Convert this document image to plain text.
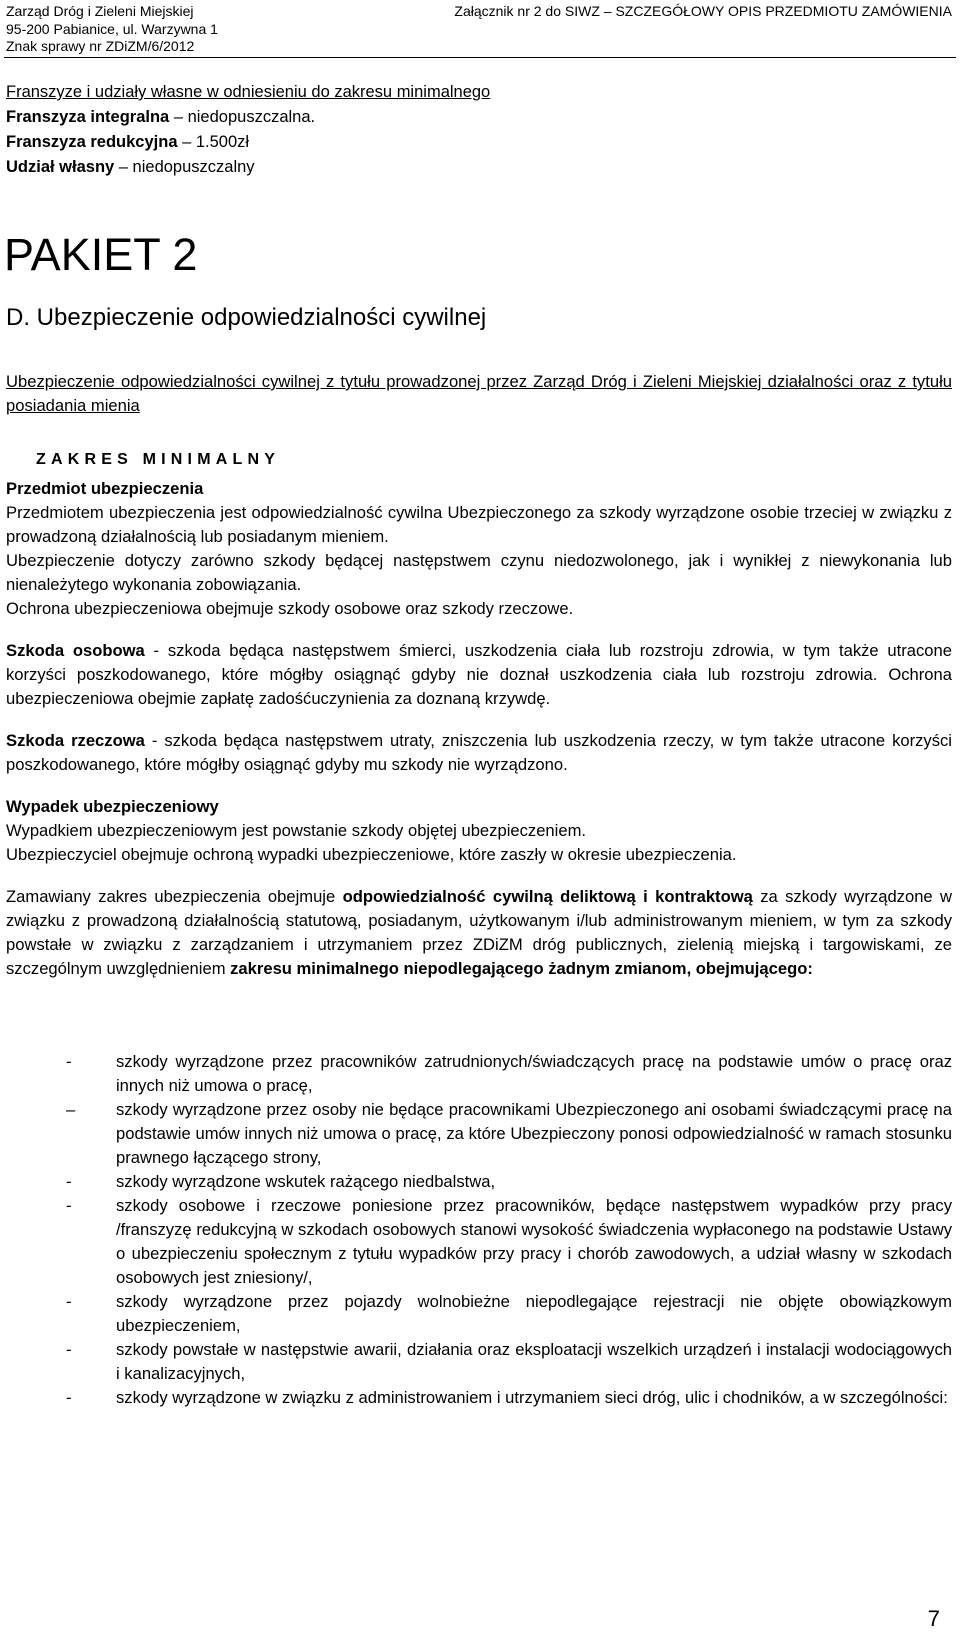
Zarząd Dróg i Zieleni Miejskiej
95-200 Pabianice, ul. Warzywna 1
Znak sprawy nr ZDiZM/6/2012
Załącznik nr 2 do SIWZ – SZCZEGÓŁOWY OPIS PRZEDMIOTU ZAMÓWIENIA
Franszyze i udziały własne w odniesieniu do zakresu minimalnego
Franszyza integralna – niedopuszczalna.
Franszyza redukcyjna – 1.500zł
Udział własny – niedopuszczalny
PAKIET 2
D. Ubezpieczenie odpowiedzialności cywilnej
Ubezpieczenie odpowiedzialności cywilnej z tytułu prowadzonej przez Zarząd Dróg i Zieleni Miejskiej działalności oraz z tytułu posiadania mienia
ZAKRES MINIMALNY

Przedmiot ubezpieczenia

Przedmiotem ubezpieczenia jest odpowiedzialność cywilna Ubezpieczonego za szkody wyrządzone osobie trzeciej w związku z prowadzoną działalnością lub posiadanym mieniem.

Ubezpieczenie dotyczy zarówno szkody będącej następstwem czynu niedozwolonego, jak i wynikłej z niewykonania lub nienależytego wykonania zobowiązania.

Ochrona ubezpieczeniowa obejmuje szkody osobowe oraz szkody rzeczowe.

Szkoda osobowa - szkoda będąca następstwem śmierci, uszkodzenia ciała lub rozstroju zdrowia, w tym także utracone korzyści poszkodowanego, które mógłby osiągnąć gdyby nie doznał uszkodzenia ciała lub rozstroju zdrowia. Ochrona ubezpieczeniowa obejmie zapłatę zadośćuczynienia za doznaną krzywdę.

Szkoda rzeczowa - szkoda będąca następstwem utraty, zniszczenia lub uszkodzenia rzeczy, w tym także utracone korzyści poszkodowanego, które mógłby osiągnąć gdyby mu szkody nie wyrządzono.

Wypadek ubezpieczeniowy

Wypadkiem ubezpieczeniowym jest powstanie szkody objętej ubezpieczeniem.

Ubezpieczyciel obejmuje ochroną wypadki ubezpieczeniowe, które zaszły w okresie ubezpieczenia.

Zamawiany zakres ubezpieczenia obejmuje odpowiedzialność cywilną deliktową i kontraktową za szkody wyrządzone w związku z prowadzoną działalnością statutową, posiadanym, użytkowanym i/lub administrowanym mieniem, w tym za szkody powstałe w związku z zarządzaniem i utrzymaniem przez ZDiZM dróg publicznych, zielenią miejską i targowiskami, ze szczególnym uwzględnieniem zakresu minimalnego niepodlegającego żadnym zmianom, obejmującego:

-	szkody wyrządzone przez pracowników zatrudnionych/świadczących pracę na podstawie umów o pracę oraz innych niż umowa o pracę,
– szkody wyrządzone przez osoby nie będące pracownikami Ubezpieczonego ani osobami świadczącymi pracę na podstawie umów innych niż umowa o pracę, za które Ubezpieczony ponosi odpowiedzialność w ramach stosunku prawnego łączącego strony,
-	szkody wyrządzone wskutek rażącego niedbalstwa,
-	szkody osobowe i rzeczowe poniesione przez pracowników, będące następstwem wypadków przy pracy /franszyzę redukcyjną w szkodach osobowych stanowi wysokość świadczenia wypłaconego na podstawie Ustawy o ubezpieczeniu społecznym z tytułu wypadków przy pracy i chorób zawodowych, a udział własny w szkodach osobowych jest zniesiony/,
-	szkody wyrządzone przez pojazdy wolnobieżne niepodlegające rejestracji nie objęte obowiązkowym ubezpieczeniem,
-	szkody powstałe w następstwie awarii, działania oraz eksploatacji wszelkich urządzeń i instalacji wodociągowych i kanalizacyjnych,
-	szkody wyrządzone w związku z administrowaniem i utrzymaniem sieci dróg, ulic i chodników, a w szczególności:
7
